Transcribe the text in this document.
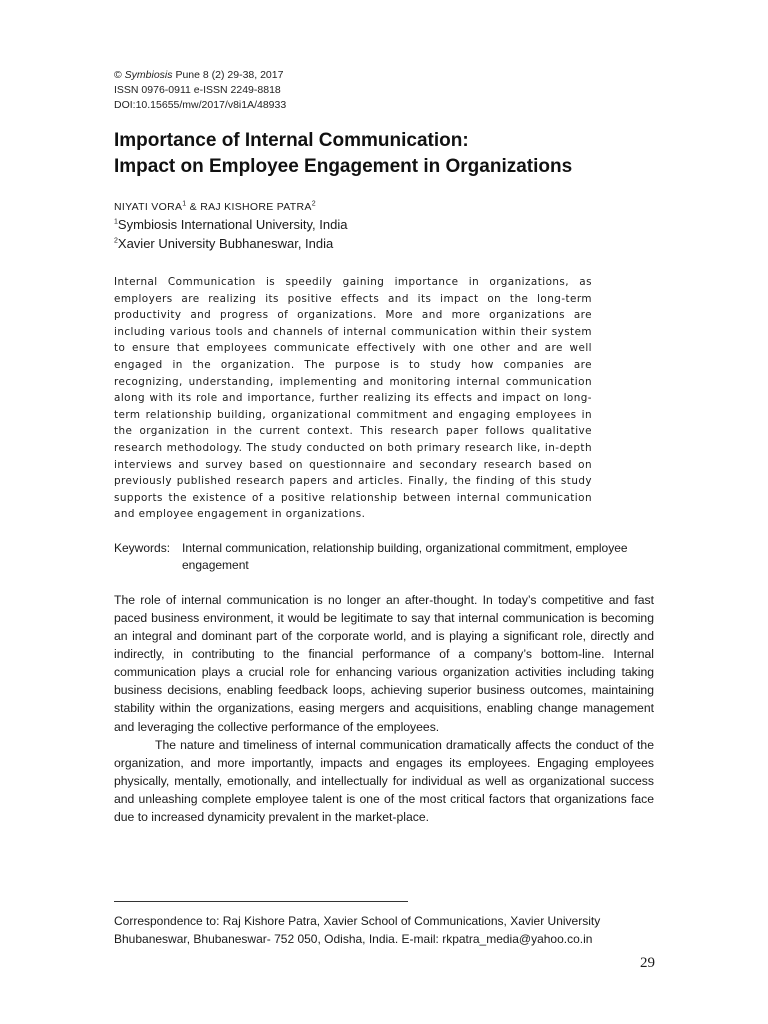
© Symbiosis Pune 8 (2) 29-38, 2017
ISSN 0976-0911 e-ISSN 2249-8818
DOI:10.15655/mw/2017/v8i1A/48933
Importance of Internal Communication:
Impact on Employee Engagement in Organizations
NIYATI VORA$^1$ & RAJ KISHORE PATRA$^2$
$^1$Symbiosis International University, India
$^2$Xavier University Bubhaneswar, India
Internal Communication is speedily gaining importance in organizations, as employers are realizing its positive effects and its impact on the long-term productivity and progress of organizations. More and more organizations are including various tools and channels of internal communication within their system to ensure that employees communicate effectively with one other and are well engaged in the organization. The purpose is to study how companies are recognizing, understanding, implementing and monitoring internal communication along with its role and importance, further realizing its effects and impact on long-term relationship building, organizational commitment and engaging employees in the organization in the current context. This research paper follows qualitative research methodology. The study conducted on both primary research like, in-depth interviews and survey based on questionnaire and secondary research based on previously published research papers and articles. Finally, the finding of this study supports the existence of a positive relationship between internal communication and employee engagement in organizations.
Keywords: Internal communication, relationship building, organizational commitment, employee engagement

The role of internal communication is no longer an after-thought. In today’s competitive and fast paced business environment, it would be legitimate to say that internal communication is becoming an integral and dominant part of the corporate world, and is playing a significant role, directly and indirectly, in contributing to the financial performance of a company’s bottom-line. Internal communication plays a crucial role for enhancing various organization activities including taking business decisions, enabling feedback loops, achieving superior business outcomes, maintaining stability within the organizations, easing mergers and acquisitions, enabling change management and leveraging the collective performance of the employees.

The nature and timeliness of internal communication dramatically affects the conduct of the organization, and more importantly, impacts and engages its employees. Engaging employees physically, mentally, emotionally, and intellectually for individual as well as organizational success and unleashing complete employee talent is one of the most critical factors that organizations face due to increased dynamicity prevalent in the market-place.

Correspondence to: Raj Kishore Patra, Xavier School of Communications, Xavier University Bhubaneswar, Bhubaneswar- 752 050, Odisha, India. E-mail: rkpatra_media@yahoo.co.in
29
